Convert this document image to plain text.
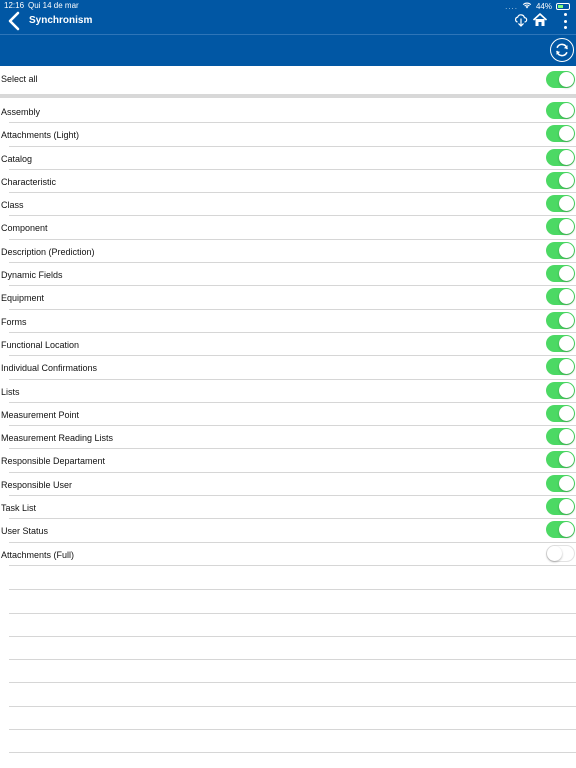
12:16 Qui 14 de mar	.... 44%
Synchronism
Select all
Assembly
Attachments (Light)
Catalog
Characteristic
Class
Component
Description (Prediction)
Dynamic Fields
Equipment
Forms
Functional Location
Individual Confirmations
Lists
Measurement Point
Measurement Reading Lists
Responsible Departament
Responsible User
Task List
User Status
Attachments (Full)
